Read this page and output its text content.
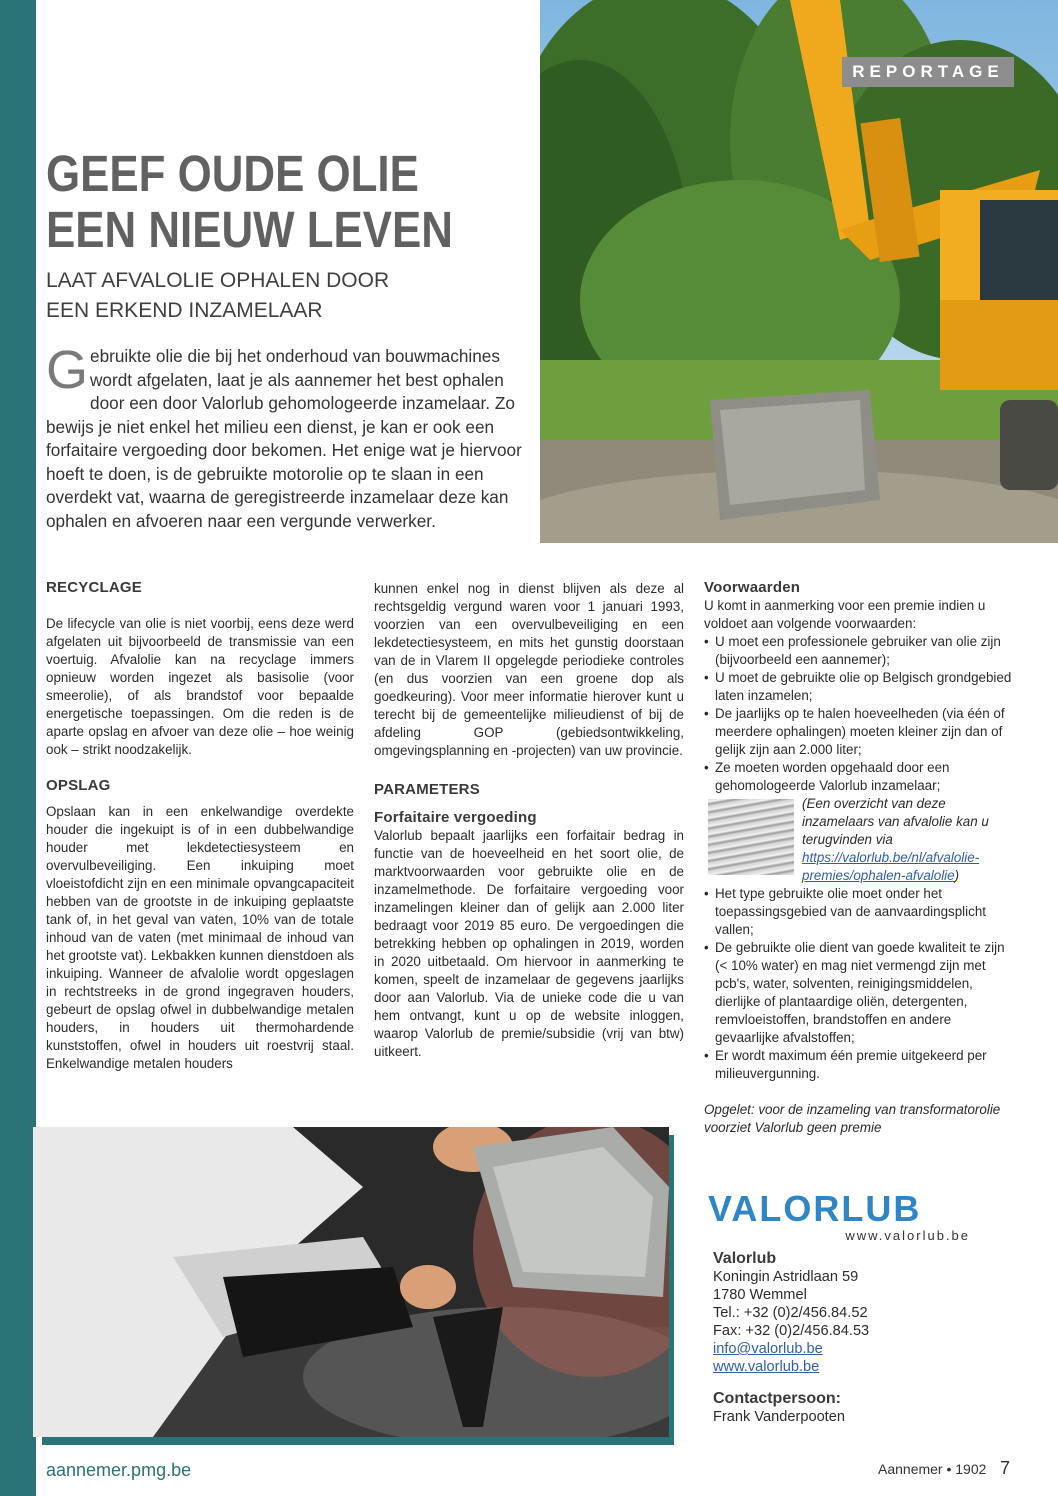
REPORTAGE
GEEF OUDE OLIE
EEN NIEUW LEVEN
LAAT AFVALOLIE OPHALEN DOOR
EEN ERKEND INZAMELAAR
Gebruikte olie die bij het onderhoud van bouwmachines wordt afgelaten, laat je als aannemer het best ophalen door een door Valorlub gehomologeerde inzamelaar. Zo bewijs je niet enkel het milieu een dienst, je kan er ook een forfaitaire vergoeding door bekomen. Het enige wat je hiervoor hoeft te doen, is de gebruikte motorolie op te slaan in een overdekt vat, waarna de geregistreerde inzamelaar deze kan ophalen en afvoeren naar een vergunde verwerker.
RECYCLAGE

De lifecycle van olie is niet voorbij, eens deze werd afgelaten uit bijvoorbeeld de transmissie van een voertuig. Afvalolie kan na recyclage immers opnieuw worden ingezet als basisolie (voor smeerolie), of als brandstof voor bepaalde energetische toepassingen. Om die reden is de aparte opslag en afvoer van deze olie – hoe weinig ook – strikt noodzakelijk.

OPSLAG

Opslaan kan in een enkelwandige overdekte houder die ingekuipt is of in een dubbelwandige houder met lekdetectiesysteem en overvulbeveiliging. Een inkuiping moet vloeistofdicht zijn en een minimale opvangcapaciteit hebben van de grootste in de inkuiping geplaatste tank of, in het geval van vaten, 10% van de totale inhoud van de vaten (met minimaal de inhoud van het grootste vat). Lekbakken kunnen dienstdoen als inkuiping. Wanneer de afvalolie wordt opgeslagen in rechtstreeks in de grond ingegraven houders, gebeurt de opslag ofwel in dubbelwandige metalen houders, in houders uit thermohardende kunststoffen, ofwel in houders uit roestvrij staal. Enkelwandige metalen houders

kunnen enkel nog in dienst blijven als deze al rechtsgeldig vergund waren voor 1 januari 1993, voorzien van een overvulbeveiliging en een lekdetectiesysteem, en mits het gunstig doorstaan van de in Vlarem II opgelegde periodieke controles (en dus voorzien van een groene dop als goedkeuring). Voor meer informatie hierover kunt u terecht bij de gemeentelijke milieudienst of bij de afdeling GOP (gebiedsontwikkeling, omgevingsplanning en -projecten) van uw provincie.

PARAMETERS
Forfaitaire vergoeding

Valorlub bepaalt jaarlijks een forfaitair bedrag in functie van de hoeveelheid en het soort olie, de marktvoorwaarden voor gebruikte olie en de inzamelmethode. De forfaitaire vergoeding voor inzamelingen kleiner dan of gelijk aan 2.000 liter bedraagt voor 2019 85 euro. De vergoedingen die betrekking hebben op ophalingen in 2019, worden in 2020 uitbetaald. Om hiervoor in aanmerking te komen, speelt de inzamelaar de gegevens jaarlijks door aan Valorlub. Via de unieke code die u van hem ontvangt, kunt u op de website inloggen, waarop Valorlub de premie/subsidie (vrij van btw) uitkeert.

Voorwaarden

U komt in aanmerking voor een premie indien u voldoet aan volgende voorwaarden:

• U moet een professionele gebruiker van olie zijn (bijvoorbeeld een aannemer);
• U moet de gebruikte olie op Belgisch grondgebied laten inzamelen;
• De jaarlijks op te halen hoeveelheden (via één of meerdere ophalingen) moeten kleiner zijn dan of gelijk zijn aan 2.000 liter;
• Ze moeten worden opgehaald door een gehomologeerde Valorlub inzamelaar;
(Een overzicht van deze inzamelaars van afvalolie kan u terugvinden via https://valorlub.be/nl/afvalolie-premies/ophalen-afvalolie)
• Het type gebruikte olie moet onder het toepassingsgebied van de aanvaardingsplicht vallen;
• De gebruikte olie dient van goede kwaliteit te zijn (< 10% water) en mag niet vermengd zijn met pcb's, water, solventen, reinigingsmiddelen, dierlijke of plantaardige oliën, detergenten, remvloeistoffen, brandstoffen en andere gevaarlijke afvalstoffen;
• Er wordt maximum één premie uitgekeerd per milieuvergunning.

Opgelet: voor de inzameling van transformatorolie voorziet Valorlub geen premie

VALORLUB
www.valorlub.be
Valorlub
Koningin Astridlaan 59
1780 Wemmel
Tel.: +32 (0)2/456.84.52
Fax: +32 (0)2/456.84.53
info@valorlub.be
www.valorlub.be
Contactpersoon:
Frank Vanderpooten
aannemer.pmg.be	Aannemer • 1902 7
